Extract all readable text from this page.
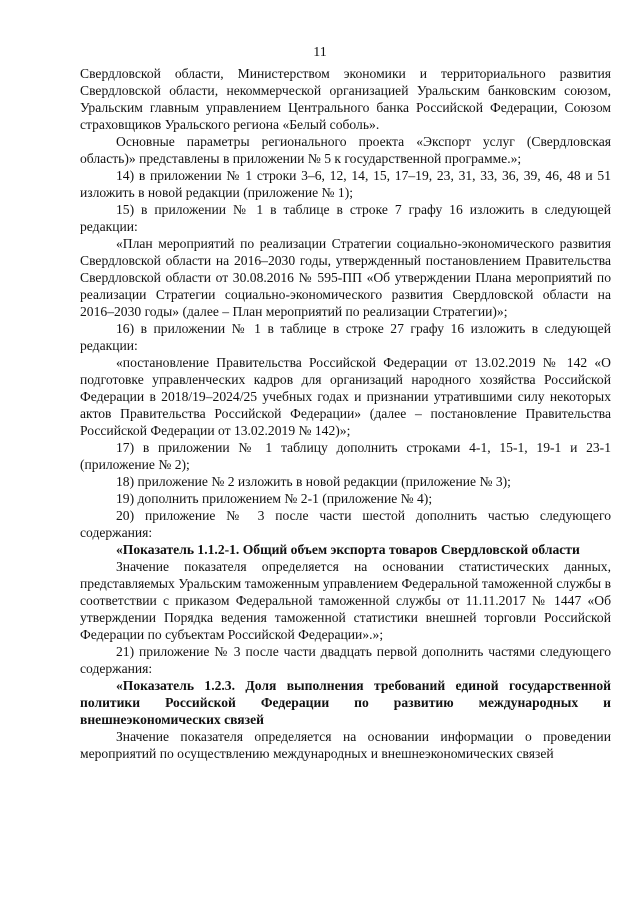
11

Свердловской области, Министерством экономики и территориального развития Свердловской области, некоммерческой организацией Уральским банковским союзом, Уральским главным управлением Центрального банка Российской Федерации, Союзом страховщиков Уральского региона «Белый соболь».

Основные параметры регионального проекта «Экспорт услуг (Свердловская область)» представлены в приложении № 5 к государственной программе.»;

14) в приложении № 1 строки 3–6, 12, 14, 15, 17–19, 23, 31, 33, 36, 39, 46, 48 и 51 изложить в новой редакции (приложение № 1);

15) в приложении № 1 в таблице в строке 7 графу 16 изложить в следующей редакции:

«План мероприятий по реализации Стратегии социально-экономического развития Свердловской области на 2016–2030 годы, утвержденный постановлением Правительства Свердловской области от 30.08.2016 № 595-ПП «Об утверждении Плана мероприятий по реализации Стратегии социально-экономического развития Свердловской области на 2016–2030 годы» (далее – План мероприятий по реализации Стратегии)»;

16) в приложении № 1 в таблице в строке 27 графу 16 изложить в следующей редакции:

«постановление Правительства Российской Федерации от 13.02.2019 № 142 «О подготовке управленческих кадров для организаций народного хозяйства Российской Федерации в 2018/19–2024/25 учебных годах и признании утратившими силу некоторых актов Правительства Российской Федерации» (далее – постановление Правительства Российской Федерации от 13.02.2019 № 142)»;

17) в приложении № 1 таблицу дополнить строками 4-1, 15-1, 19-1 и 23-1 (приложение № 2);

18) приложение № 2 изложить в новой редакции (приложение № 3);

19) дополнить приложением № 2-1 (приложение № 4);

20) приложение № 3 после части шестой дополнить частью следующего содержания:

«Показатель 1.1.2-1. Общий объем экспорта товаров Свердловской области

Значение показателя определяется на основании статистических данных, представляемых Уральским таможенным управлением Федеральной таможенной службы в соответствии с приказом Федеральной таможенной службы от 11.11.2017 № 1447 «Об утверждении Порядка ведения таможенной статистики внешней торговли Российской Федерации по субъектам Российской Федерации».»;

21) приложение № 3 после части двадцать первой дополнить частями следующего содержания:

«Показатель 1.2.3. Доля выполнения требований единой государственной политики Российской Федерации по развитию международных и внешнеэкономических связей

Значение показателя определяется на основании информации о проведении мероприятий по осуществлению международных и внешнеэкономических связей
